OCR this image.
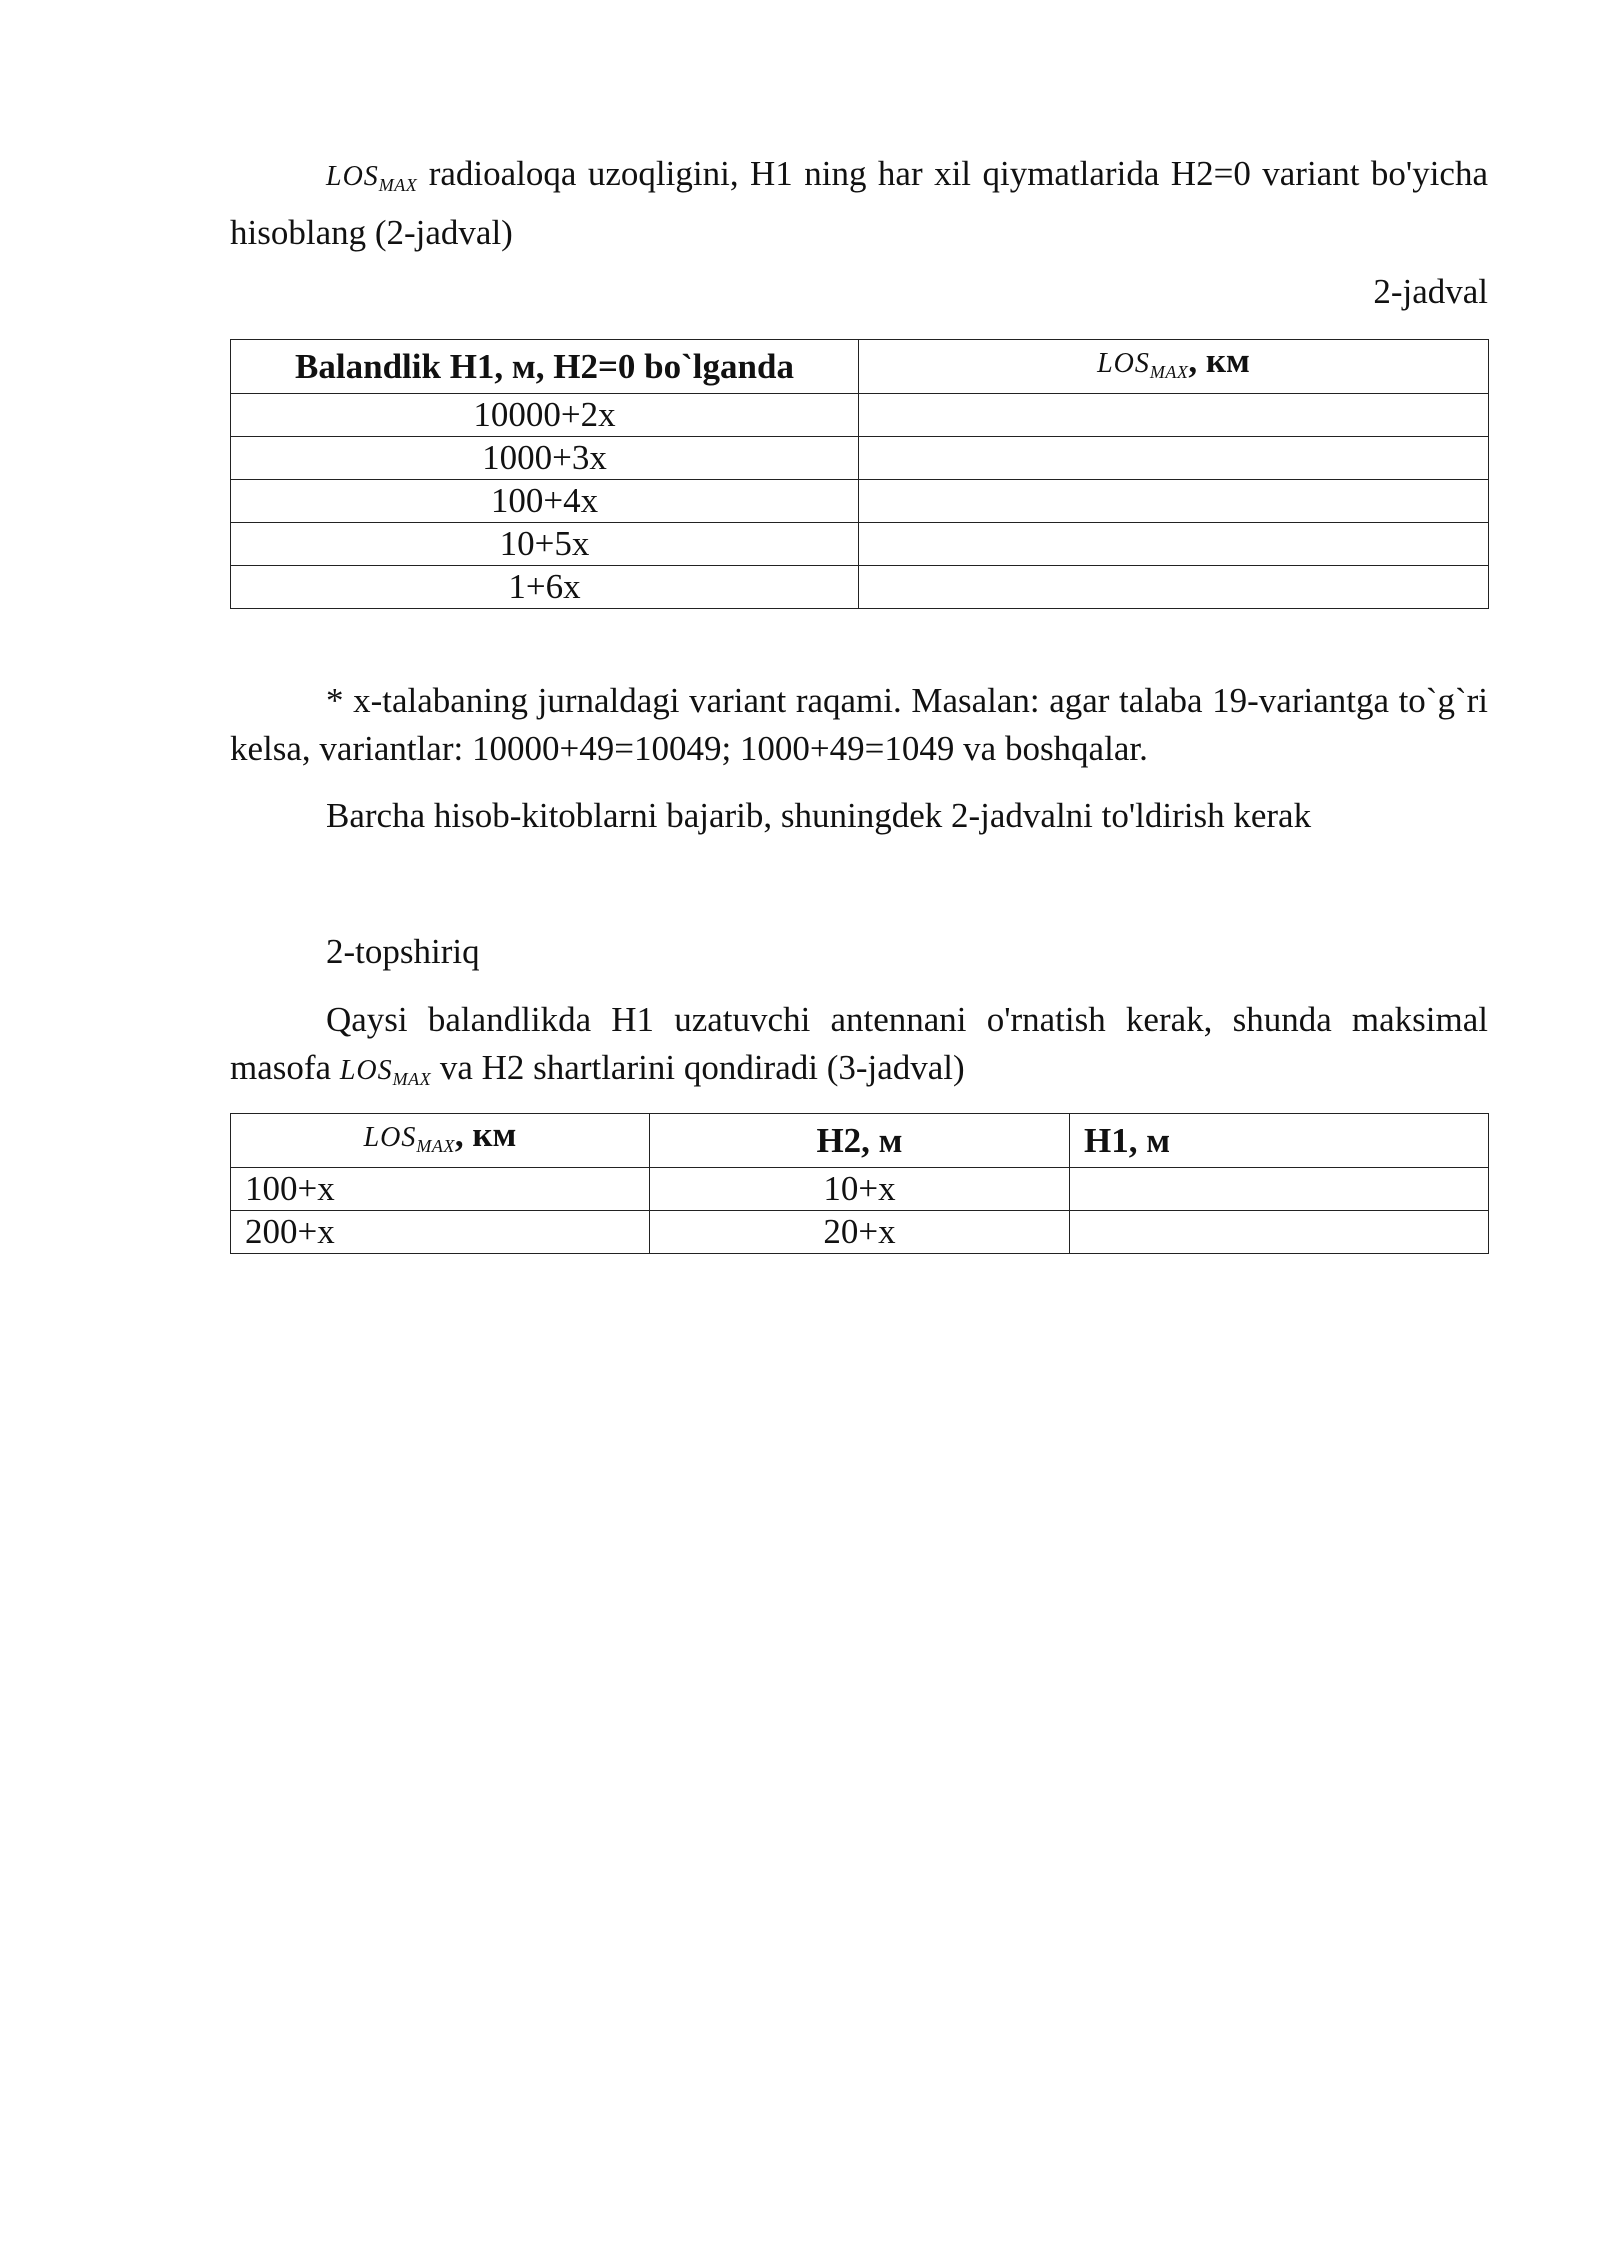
$LOS_{MAX}$ radioaloqa uzoqligini, H1 ning har xil qiymatlarida H2=0 variant bo'yicha hisoblang (2-jadval)

2-jadval

Balandlik H1, м, H2=0 bo`lganda	$LOS_{MAX}$, км
10000+2x	
1000+3x	
100+4x	
10+5x	
1+6x	

* x-talabaning jurnaldagi variant raqami. Masalan: agar talaba 19-variantga to`g`ri kelsa, variantlar: 10000+49=10049; 1000+49=1049 va boshqalar.

Barcha hisob-kitoblarni bajarib, shuningdek 2-jadvalni to'ldirish kerak

2-topshiriq

Qaysi balandlikda H1 uzatuvchi antennani o'rnatish kerak, shunda maksimal masofa $LOS_{MAX}$ va H2 shartlarini qondiradi (3-jadval)

$LOS_{MAX}$, км	H2, м	H1, м
100+x	10+x	
200+x	20+x	
